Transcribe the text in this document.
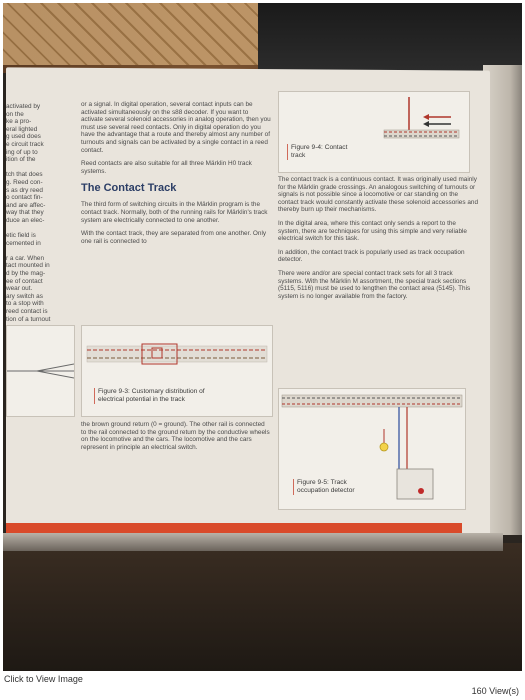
activated by
on the
ke a pro-
eral lighted
g used does
e circuit track
ing of up to
ition of the
tch that does
g. Reed con-
s as dry reed
o contact fin-
and are affec-
way that they
duce an elec-
etic field is
cemented in
r a car. When
tact mounted in
d by the mag-
ee of contact
wear out.
ary switch as
to a stop with
reed contact is
tion of a turnout

or a signal. In digital operation, several contact inputs can be activated simultaneously on the s88 decoder. If you want to activate several solenoid accessories in analog operation, then you must use several reed contacts. Only in digital operation do you have the advantage that a route and thereby almost any number of turnouts and signals can be activated by a single contact in a reed contact.

Reed contacts are also suitable for all three Märklin H0 track systems.

The Contact Track

The third form of switching circuits in the Märklin program is the contact track. Normally, both of the running rails for Märklin's track system are electrically connected to one another.

With the contact track, they are separated from one another. Only one rail is connected to

Figure 9-3: Customary distribution of electrical potential in the track

the brown ground return (0 = ground). The other rail is connected to the rail connected to the ground return by the conductive wheels on the locomotive and the cars. The locomotive and the cars represent in principle an electrical switch.

Figure 9-4: Contact track

The contact track is a continuous contact. It was originally used mainly for the Märklin grade crossings. An analogous switching of turnouts or signals is not possible since a locomotive or car standing on the contact track would constantly activate these solenoid accessories and thereby burn up their mechanisms.

In the digital area, where this contact only sends a report to the system, there are techniques for using this simple and very reliable electrical switch for this task.

In addition, the contact track is popularly used as track occupation detector.

There were and/or are special contact track sets for all 3 track systems. With the Märklin M assortment, the special track sections (5115, 5116) must be used to lengthen the contact area (5145). This system is no longer available from the factory.

Figure 9-5: Track occupation detector
Click to View Image
160 View(s)
